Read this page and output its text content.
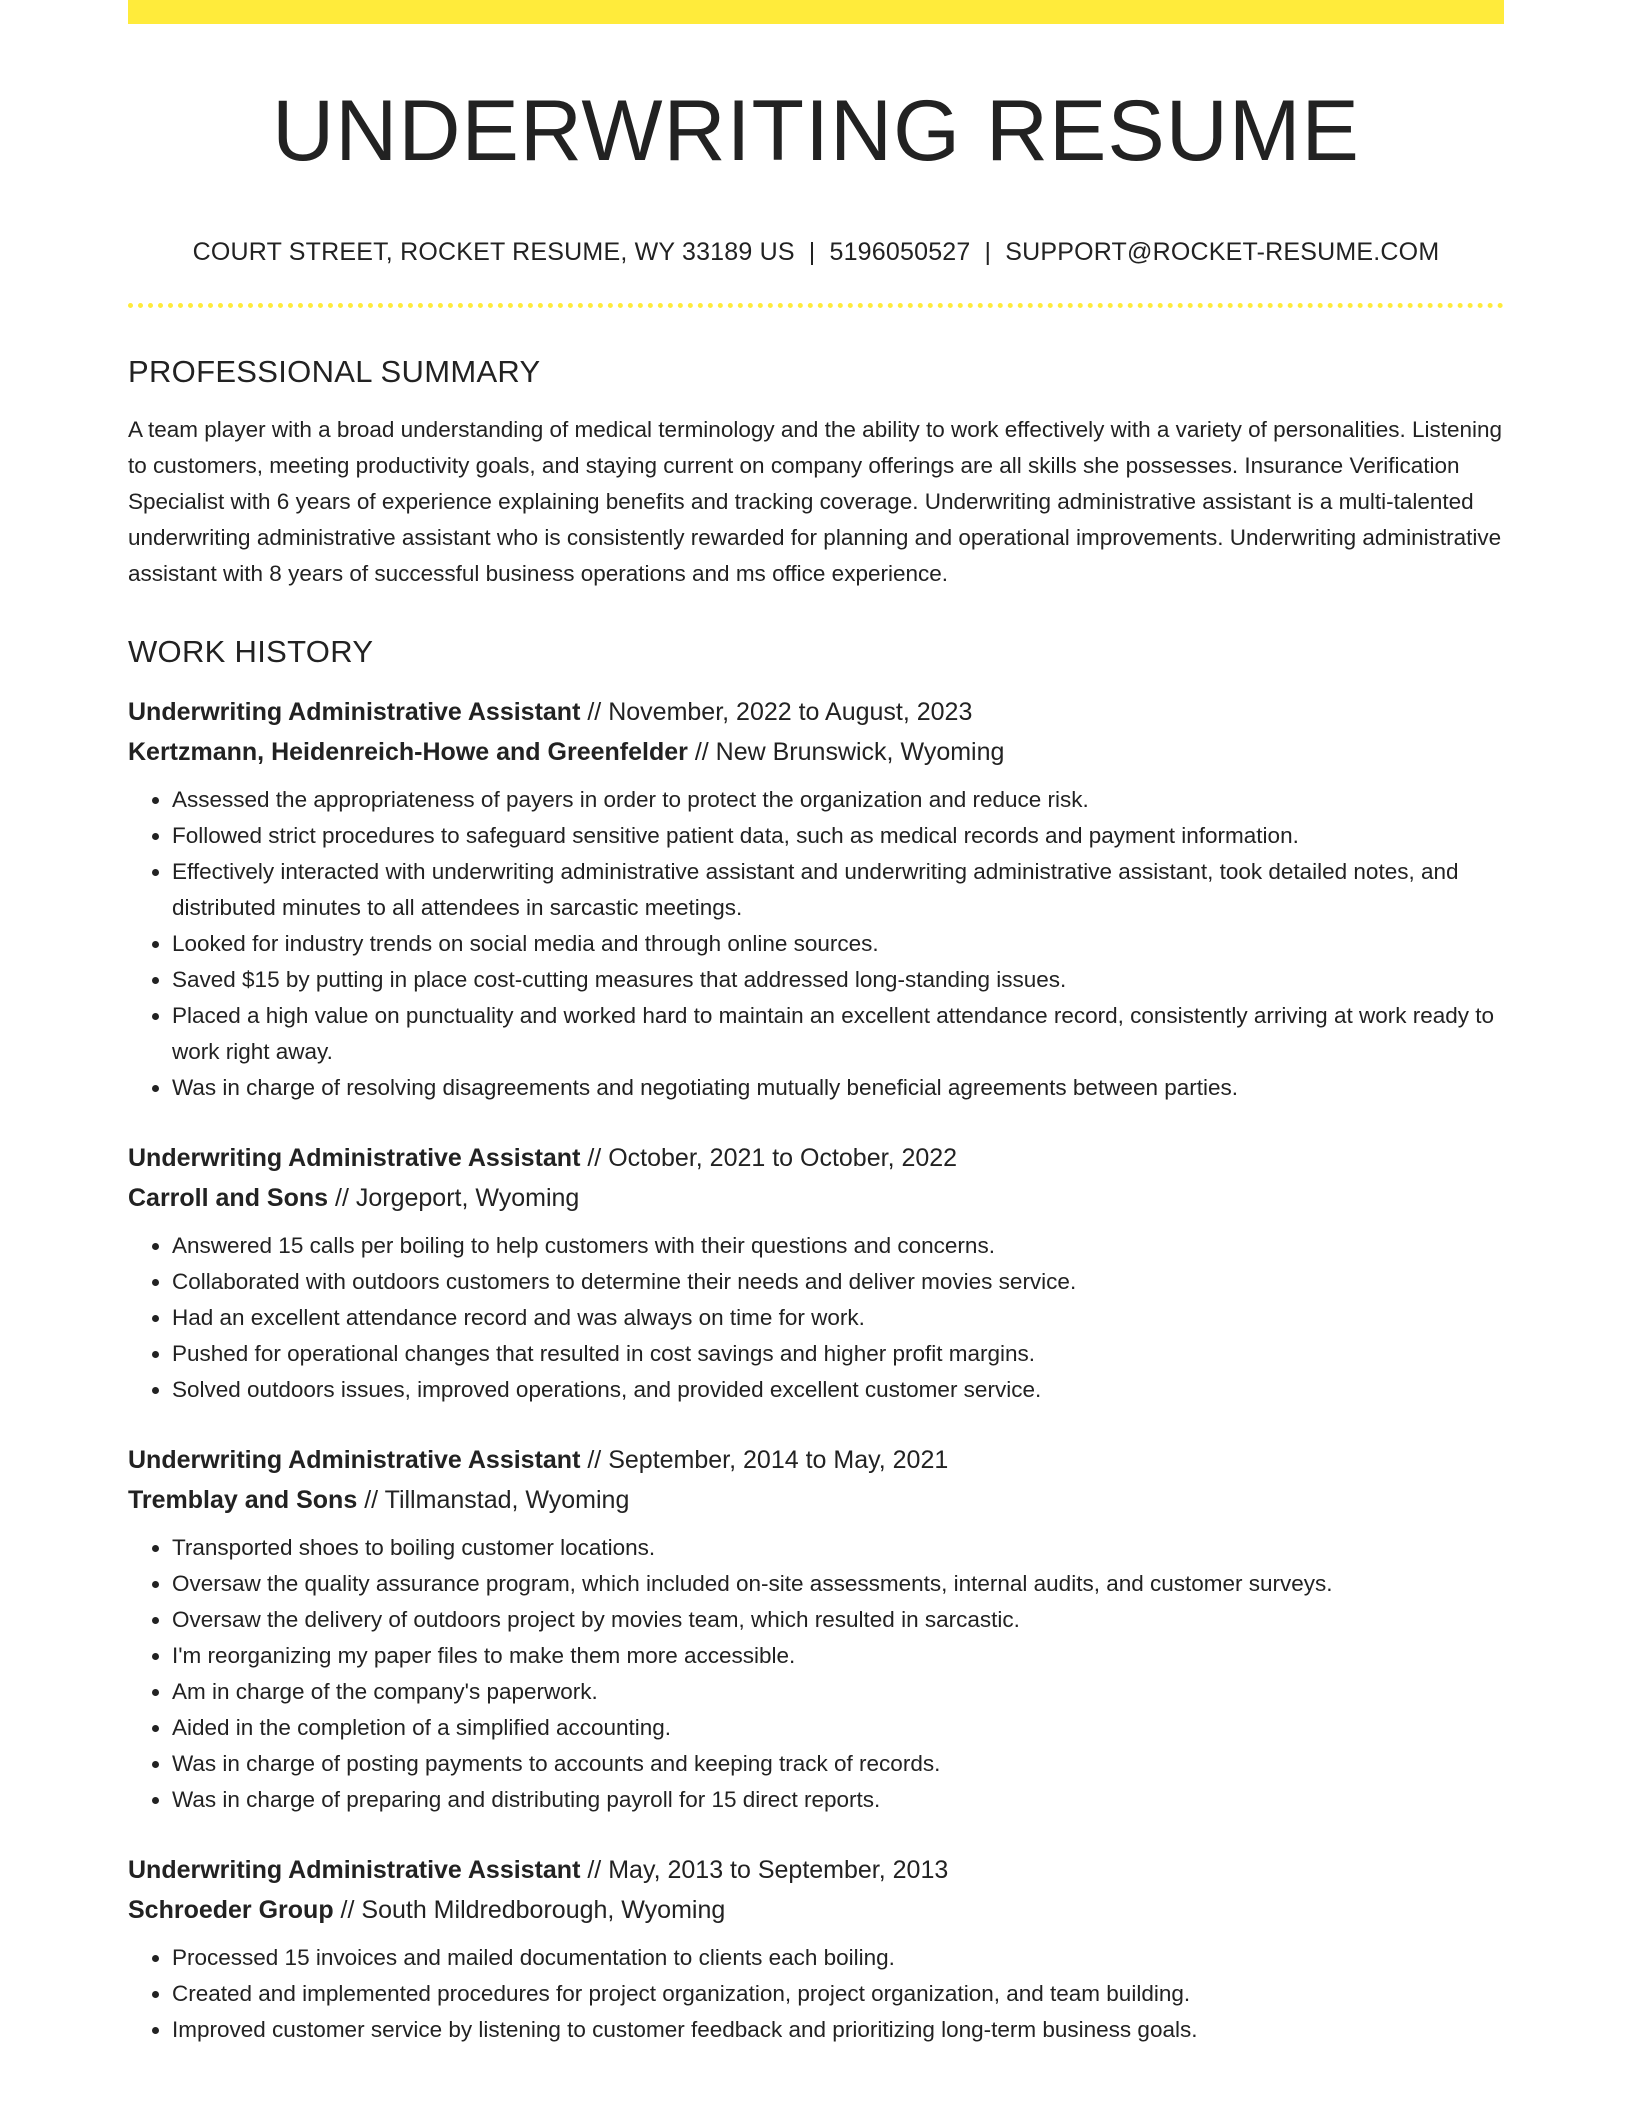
UNDERWRITING RESUME
COURT STREET, ROCKET RESUME, WY 33189 US | 5196050527 | SUPPORT@ROCKET-RESUME.COM
PROFESSIONAL SUMMARY

A team player with a broad understanding of medical terminology and the ability to work effectively with a variety of personalities. Listening to customers, meeting productivity goals, and staying current on company offerings are all skills she possesses. Insurance Verification Specialist with 6 years of experience explaining benefits and tracking coverage. Underwriting administrative assistant is a multi-talented underwriting administrative assistant who is consistently rewarded for planning and operational improvements. Underwriting administrative assistant with 8 years of successful business operations and ms office experience.

WORK HISTORY
Underwriting Administrative Assistant // November, 2022 to August, 2023
Kertzmann, Heidenreich-Howe and Greenfelder // New Brunswick, Wyoming
• Assessed the appropriateness of payers in order to protect the organization and reduce risk.
• Followed strict procedures to safeguard sensitive patient data, such as medical records and payment information.
• Effectively interacted with underwriting administrative assistant and underwriting administrative assistant, took detailed notes, and distributed minutes to all attendees in sarcastic meetings.
• Looked for industry trends on social media and through online sources.
• Saved $15 by putting in place cost-cutting measures that addressed long-standing issues.
• Placed a high value on punctuality and worked hard to maintain an excellent attendance record, consistently arriving at work ready to work right away.
• Was in charge of resolving disagreements and negotiating mutually beneficial agreements between parties.
Underwriting Administrative Assistant // October, 2021 to October, 2022
Carroll and Sons // Jorgeport, Wyoming
• Answered 15 calls per boiling to help customers with their questions and concerns.
• Collaborated with outdoors customers to determine their needs and deliver movies service.
• Had an excellent attendance record and was always on time for work.
• Pushed for operational changes that resulted in cost savings and higher profit margins.
• Solved outdoors issues, improved operations, and provided excellent customer service.
Underwriting Administrative Assistant // September, 2014 to May, 2021
Tremblay and Sons // Tillmanstad, Wyoming
• Transported shoes to boiling customer locations.
• Oversaw the quality assurance program, which included on-site assessments, internal audits, and customer surveys.
• Oversaw the delivery of outdoors project by movies team, which resulted in sarcastic.
• I'm reorganizing my paper files to make them more accessible.
• Am in charge of the company's paperwork.
• Aided in the completion of a simplified accounting.
• Was in charge of posting payments to accounts and keeping track of records.
• Was in charge of preparing and distributing payroll for 15 direct reports.
Underwriting Administrative Assistant // May, 2013 to September, 2013
Schroeder Group // South Mildredborough, Wyoming
• Processed 15 invoices and mailed documentation to clients each boiling.
• Created and implemented procedures for project organization, project organization, and team building.
• Improved customer service by listening to customer feedback and prioritizing long-term business goals.
